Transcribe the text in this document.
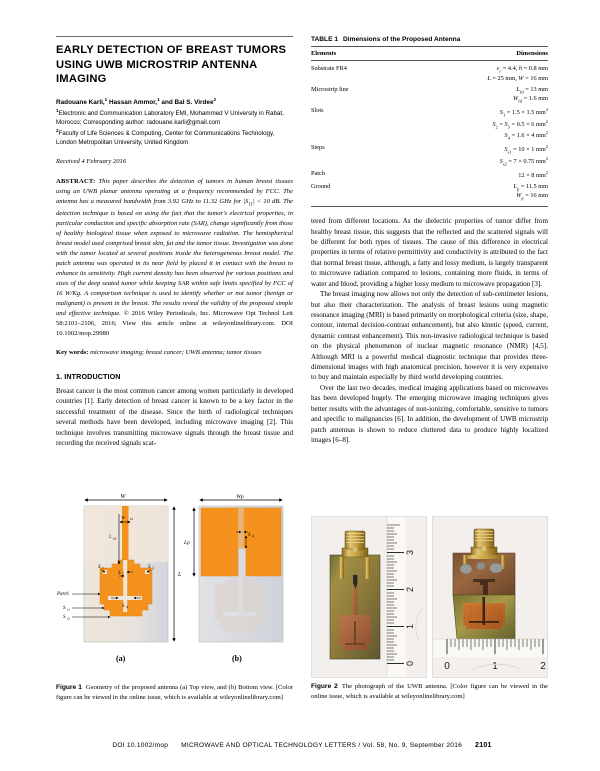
EARLY DETECTION OF BREAST TUMORS USING UWB MICROSTRIP ANTENNA IMAGING

Radouane Karli,$^1$ Hassan Ammor,$^1$ and Bal S. Virdee$^2$

$^1$Electronic and Communication Laboratory EMI, Mohammed V University in Rabat, Morocco; Corresponding author: radouane.karli@gmail.com

$^2$Faculty of Life Sciences & Computing, Center for Communications Technology, London Metropolitan University, United Kingdom

Received 4 February 2016

ABSTRACT: This paper describes the detection of tumors in human breast tissues using an UWB planar antenna operating at a frequency recommended by FCC. The antenna has a measured bandwidth from 3.92 GHz to 11.32 GHz for $|S_{11}| < 10$ dB. The detection technique is based on using the fact that the tumor's electrical properties, in particular conduction and specific absorption rate (SAR), change significantly from those of healthy biological tissue when exposed to microwave radiation. The hemispherical breast model used comprised breast skin, fat and the tumor tissue. Investigation was done with the tumor located at several positions inside the heterogeneous breast model. The patch antenna was operated in its near field by placed it in contact with the breast to enhance its sensitivity. High current density has been observed for various positions and sizes of the deep seated tumor while keeping SAR within safe limits specified by FCC of 16 W/Kg. A comparison technique is used to identify whether or not tumor (benign or malignant) is present in the breast. The results reveal the validity of the proposed simple and effective technique. © 2016 Wiley Periodicals, Inc. Microwave Opt Technol Lett 58:2101–2106, 2016; View this article online at wileyonlinelibrary.com. DOI 10.1002/mop.29980

Key words: microwave imaging; breast cancer; UWB antenna; tumor tissues

1. INTRODUCTION

Breast cancer is the most common cancer among women particularly in developed countries [1]. Early detection of breast cancer is known to be a key factor in the successful treatment of the disease. Since the birth of radiological techniques several methods have been developed, including microwave imaging [2]. This technique involves transmitting microwave signals through the breast tissue and recording the received signals scat-

TABLE 1 Dimensions of the Proposed Antenna
Elements	Dimensions
Substrate FR4	$\varepsilon_r = 4.4$, h = 0.8 mm
L = 25 mm, W = 16 mm
Microstrip line	$L_{fd} = 13$ mm
$W_{fd} = 1.6$ mm
Slots	$S_1 = 1.5 \times 1.5$ $mm^2$
$S_2 = S_3 = 0.5 \times 6$ $mm^2$
$S_4 = 1.6 \times 4$ $mm^2$
Steps	$S_{s1} = 10 \times 1$ $mm^2$
$S_{s2} = 7 \times 0.75$ $mm^2$
Patch	12 × 8 $mm^2$
Ground	$L_p = 11.5$ mm
$W_p = 16$ mm

tered from different locations. As the dielectric properties of tumor differ from healthy breast tissue, this suggests that the reflected and the scattered signals will be different for both types of tissues. The cause of this difference in electrical properties in terms of relative permittivity and conductivity is attributed to the fact that normal breast tissue, although, a fatty and lossy medium, is largely transparent to microwave radiation compared to lesions, containing more fluids, in terms of water and blood, providing a higher lossy medium to microwave propagation [3].

The breast imaging now allows not only the detection of sub-centimeter lesions, but also their characterization. The analysis of breast lesions using magnetic resonance imaging (MRI) is based primarily on morphological criteria (size, shape, contour, internal decision-contrast enhancement), but also kinetic (speed, current, dynamic contrast enhancement). This non-invasive radiological technique is based on the physical phenomenon of nuclear magnetic resonance (NMR) [4,5]. Although MRI is a powerful medical diagnostic technique that provides three-dimensional images with high anatomical precision, however it is very expensive to buy and maintain especially by third world developing countries.

Over the last two decades, medical imaging applications based on microwaves has been developed hugely. The emerging microwave imaging techniques gives better results with the advantages of non-ionizing, comfortable, sensitive to tumors and specific to malignancies [6]. In addition, the development of UWB microstrip patch antennas is shown to reduce cluttered data to produce highly localized images [6–8].

W
L
L fd
W	fd
S 1	S 3
S 2
S 4
Patch
S s1
S s2
Wp
Lp
S 4
(a)	(b)
Figure 1 Geometry of the proposed antenna (a) Top view, and (b) Bottom view. [Color figure can be viewed in the online issue, which is available at wileyonlinelibrary.com]
3
2
1
0	0	1	2
Figure 2 The photograph of the UWB antenna. [Color figure can be viewed in the online issue, which is available at wileyonlinelibrary.com]
DOI 10.1002/mop MICROWAVE AND OPTICAL TECHNOLOGY LETTERS / Vol. 58, No. 9, September 2016 2101
